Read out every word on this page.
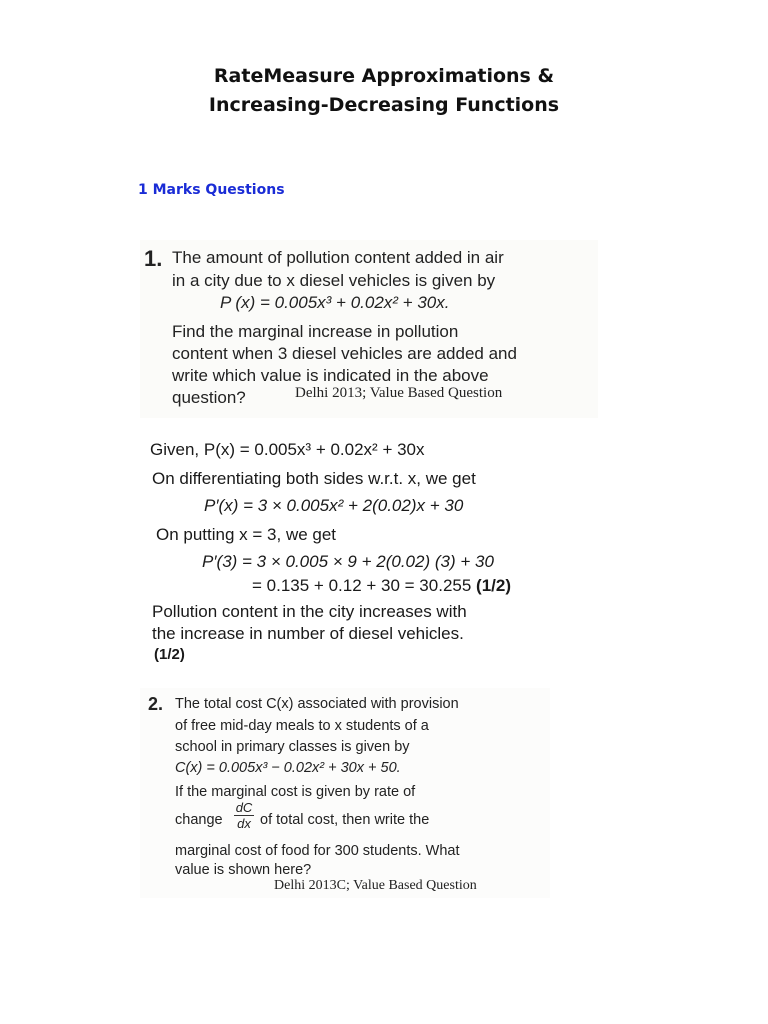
RateMeasure Approximations &
Increasing-Decreasing Functions
1 Marks Questions
1. The amount of pollution content added in air
in a city due to x diesel vehicles is given by
P (x) = 0.005x³ + 0.02x² + 30x.
Find the marginal increase in pollution
content when 3 diesel vehicles are added and
write which value is indicated in the above
question?	Delhi 2013; Value Based Question
Given, P(x) = 0.005x³ + 0.02x² + 30x
On differentiating both sides w.r.t. x, we get
P′(x) = 3 × 0.005x² + 2(0.02)x + 30
On putting x = 3, we get
P′(3) = 3 × 0.005 × 9 + 2(0.02) (3) + 30
= 0.135 + 0.12 + 30 = 30.255 (1/2)
Pollution content in the city increases with
the increase in number of diesel vehicles.
(1/2)
2. The total cost C(x) associated with provision
of free mid-day meals to x students of a
school in primary classes is given by
C(x) = 0.005x³ − 0.02x² + 30x + 50.
If the marginal cost is given by rate of
change $\frac{dC}{dx}$ of total cost, then write the
marginal cost of food for 300 students. What
value is shown here?
Delhi 2013C; Value Based Question
